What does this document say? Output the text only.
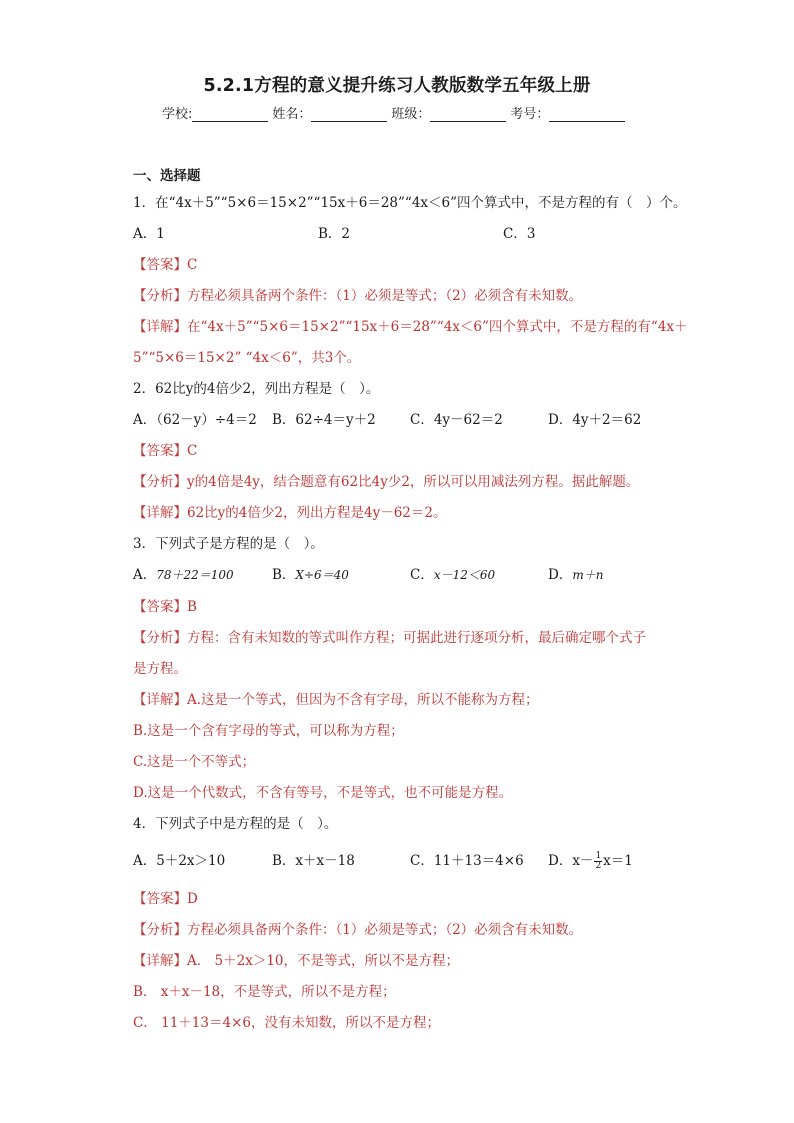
5.2.1方程的意义提升练习人教版数学五年级上册
学校:	姓名：	班级：	考号：
一、选择题
1．在“4x＋5”“5×6＝15×2”“15x＋6＝28”“4x＜6”四个算式中，不是方程的有（　）个。
A．1	B．2	C．3
【答案】C
【分析】方程必须具备两个条件：（1）必须是等式；（2）必须含有未知数。
【详解】在“4x＋5”“5×6＝15×2”“15x＋6＝28”“4x＜6”四个算式中，不是方程的有“4x＋
5”“5×6＝15×2” “4x＜6”，共3个。
2．62比y的4倍少2，列出方程是（　）。
A．（62－y）÷4＝2 B．62÷4＝y＋2	C．4y－62＝2	D．4y＋2＝62
【答案】C
【分析】y的4倍是4y，结合题意有62比4y少2，所以可以用减法列方程。据此解题。
【详解】62比y的4倍少2，列出方程是4y－62＝2。
3．下列式子是方程的是（　）。
A．78＋22＝100	B．X÷6＝40	C．x－12＜60	D．m＋n
【答案】B
【分析】方程：含有未知数的等式叫作方程；可据此进行逐项分析，最后确定哪个式子
是方程。
【详解】A.这是一个等式，但因为不含有字母，所以不能称为方程；
B.这是一个含有字母的等式，可以称为方程；
C.这是一个不等式；
D.这是一个代数式，不含有等号，不是等式，也不可能是方程。
4．下列式子中是方程的是（　）。
A．5＋2x＞10	B．x＋x－18	C．11＋13＝4×6 D．$x- \frac{1}{2} x=1$
【答案】D
【分析】方程必须具备两个条件：（1）必须是等式；（2）必须含有未知数。
【详解】A． 5＋2x＞10，不是等式，所以不是方程；
B． x＋x－18，不是等式，所以不是方程；
C． 11＋13＝4×6，没有未知数，所以不是方程；
